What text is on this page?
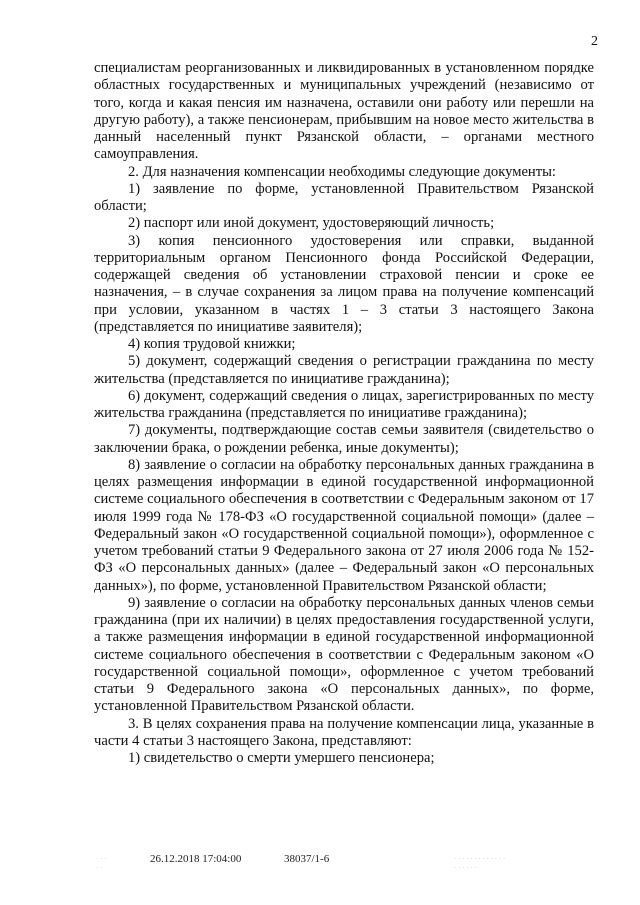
2

специалистам реорганизованных и ликвидированных в установленном порядке областных государственных и муниципальных учреждений (независимо от того, когда и какая пенсия им назначена, оставили они работу или перешли на другую работу), а также пенсионерам, прибывшим на новое место жительства в данный населенный пункт Рязанской области, – органами местного самоуправления.

2. Для назначения компенсации необходимы следующие документы:

1) заявление по форме, установленной Правительством Рязанской области;

2) паспорт или иной документ, удостоверяющий личность;

3) копия пенсионного удостоверения или справки, выданной территориальным органом Пенсионного фонда Российской Федерации, содержащей сведения об установлении страховой пенсии и сроке ее назначения, – в случае сохранения за лицом права на получение компенсаций при условии, указанном в частях 1 – 3 статьи 3 настоящего Закона (представляется по инициативе заявителя);

4) копия трудовой книжки;

5) документ, содержащий сведения о регистрации гражданина по месту жительства (представляется по инициативе гражданина);

6) документ, содержащий сведения о лицах, зарегистрированных по месту жительства гражданина (представляется по инициативе гражданина);

7) документы, подтверждающие состав семьи заявителя (свидетельство о заключении брака, о рождении ребенка, иные документы);

8) заявление о согласии на обработку персональных данных гражданина в целях размещения информации в единой государственной информационной системе социального обеспечения в соответствии с Федеральным законом от 17 июля 1999 года № 178-ФЗ «О государственной социальной помощи» (далее – Федеральный закон «О государственной социальной помощи»), оформленное с учетом требований статьи 9 Федерального закона от 27 июля 2006 года № 152-ФЗ «О персональных данных» (далее – Федеральный закон «О персональных данных»), по форме, установленной Правительством Рязанской области;

9) заявление о согласии на обработку персональных данных членов семьи гражданина (при их наличии) в целях предоставления государственной услуги, а также размещения информации в единой государственной информационной системе социального обеспечения в соответствии с Федеральным законом «О государственной социальной помощи», оформленное с учетом требований статьи 9 Федерального закона «О персональных данных», по форме, установленной Правительством Рязанской области.

3. В целях сохранения права на получение компенсации лица, указанные в части 4 статьи 3 настоящего Закона, представляют:

1) свидетельство о смерти умершего пенсионера;

· · ·
· ·
26.12.2018 17:04:00	38037/1-6	· · · · · · · · · · · · ·
· · · · · ·
